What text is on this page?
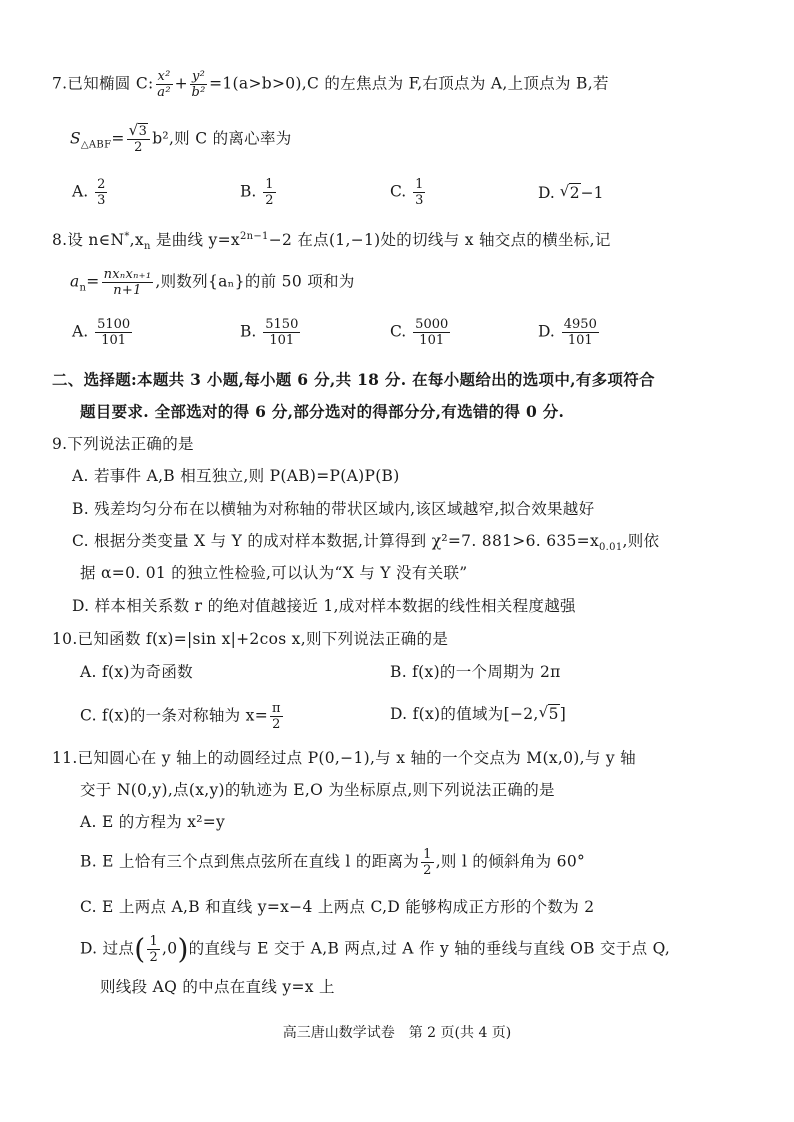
7.已知椭圆 C: $\frac{\text{x²}}{\text{a²}} + \frac{\text{y²}}{\text{b²}} =1(a>b>0),C$ 的左焦点为 F,右顶点为 A,上顶点为 B,若
$S_{\triangle ABF}=$ √ $\frac{3}{2} b^2$,则 C 的离心率为
A. $\frac{2}{3}$	B. $\frac{1}{2}$	C. $\frac{1}{3}$	D. √ 2−1
8.设 $n\in N^*,x_n$ 是曲线 $y=x^{2n-1}-2$ 在点(1,−1)处的切线与 x 轴交点的横坐标,记
$a_n= \frac{\text{nxₙxₙ₊₁}}{n+1}$ ,则数列{aₙ}的前 50 项和为
A. $\frac{5100}{101}$	B. $\frac{5150}{101}$	C. $\frac{5000}{101}$	D. $\frac{4950}{101}$
二、选择题:本题共 3 小题,每小题 6 分,共 18 分. 在每小题给出的选项中,有多项符合
题目要求. 全部选对的得 6 分,部分选对的得部分分,有选错的得 0 分.
9.下列说法正确的是
A. 若事件 A,B 相互独立,则 P(AB)=P(A)P(B)
B. 残差均匀分布在以横轴为对称轴的带状区域内,该区域越窄,拟合效果越好
C. 根据分类变量 X 与 Y 的成对样本数据,计算得到 χ²=7. 881>6. $635=x_{0.01}$,则依
据 α=0. 01 的独立性检验,可以认为“X 与 Y 没有关联”
D. 样本相关系数 r 的绝对值越接近 1,成对样本数据的线性相关程度越强
10.已知函数 f(x)=|sin x|+2cos x,则下列说法正确的是
A. f(x)为奇函数	B. f(x)的一个周期为 2π
C. f(x)的一条对称轴为 $x= \frac{\pi}{2}$	D. f(x)的值域为[−2, √ 5]
11.已知圆心在 y 轴上的动圆经过点 P(0,−1),与 x 轴的一个交点为 M(x,0),与 y 轴
交于 N(0,y),点(x,y)的轨迹为 E,O 为坐标原点,则下列说法正确的是
A. E 的方程为 x²=y
B. E 上恰有三个点到焦点弦所在直线 l 的距离为 $\frac{1}{2}$ ,则 l 的倾斜角为 60°
C. E 上两点 A,B 和直线 y=x−4 上两点 C,D 能够构成正方形的个数为 2
D. 过点( $\frac{1}{2} ,0$)的直线与 E 交于 A,B 两点,过 A 作 y 轴的垂线与直线 OB 交于点 Q,
则线段 AQ 的中点在直线 y=x 上
高三唐山数学试卷　第 2 页(共 4 页)
